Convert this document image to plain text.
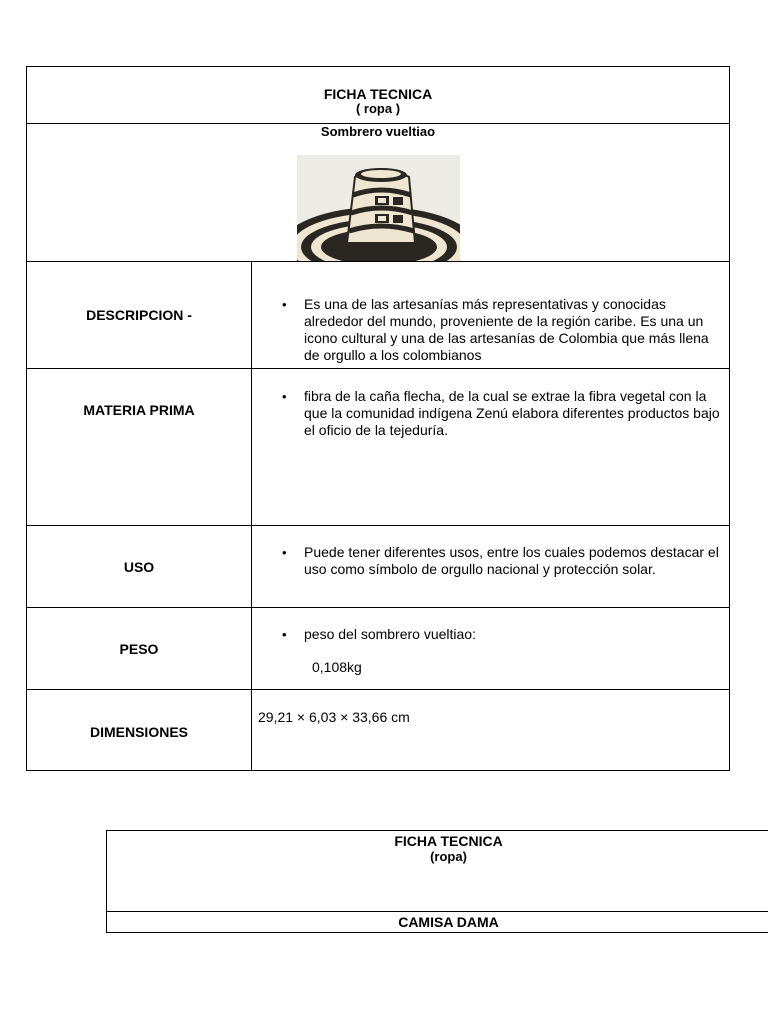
FICHA TECNICA
( ropa )
Sombrero vueltiao
DESCRIPCION -
• Es una de las artesanías más representativas y conocidas alrededor del mundo, proveniente de la región caribe. Es una un icono cultural y una de las artesanías de Colombia que más llena de orgullo a los colombianos
MATERIA PRIMA
• fibra de la caña flecha, de la cual se extrae la fibra vegetal con la que la comunidad indígena Zenú elabora diferentes productos bajo el oficio de la tejeduría.
USO
• Puede tener diferentes usos, entre los cuales podemos destacar el uso como símbolo de orgullo nacional y protección solar.
PESO
• peso del sombrero vueltiao:
0,108kg
DIMENSIONES
29,21 × 6,03 × 33,66 cm
FICHA TECNICA
(ropa)
CAMISA DAMA
